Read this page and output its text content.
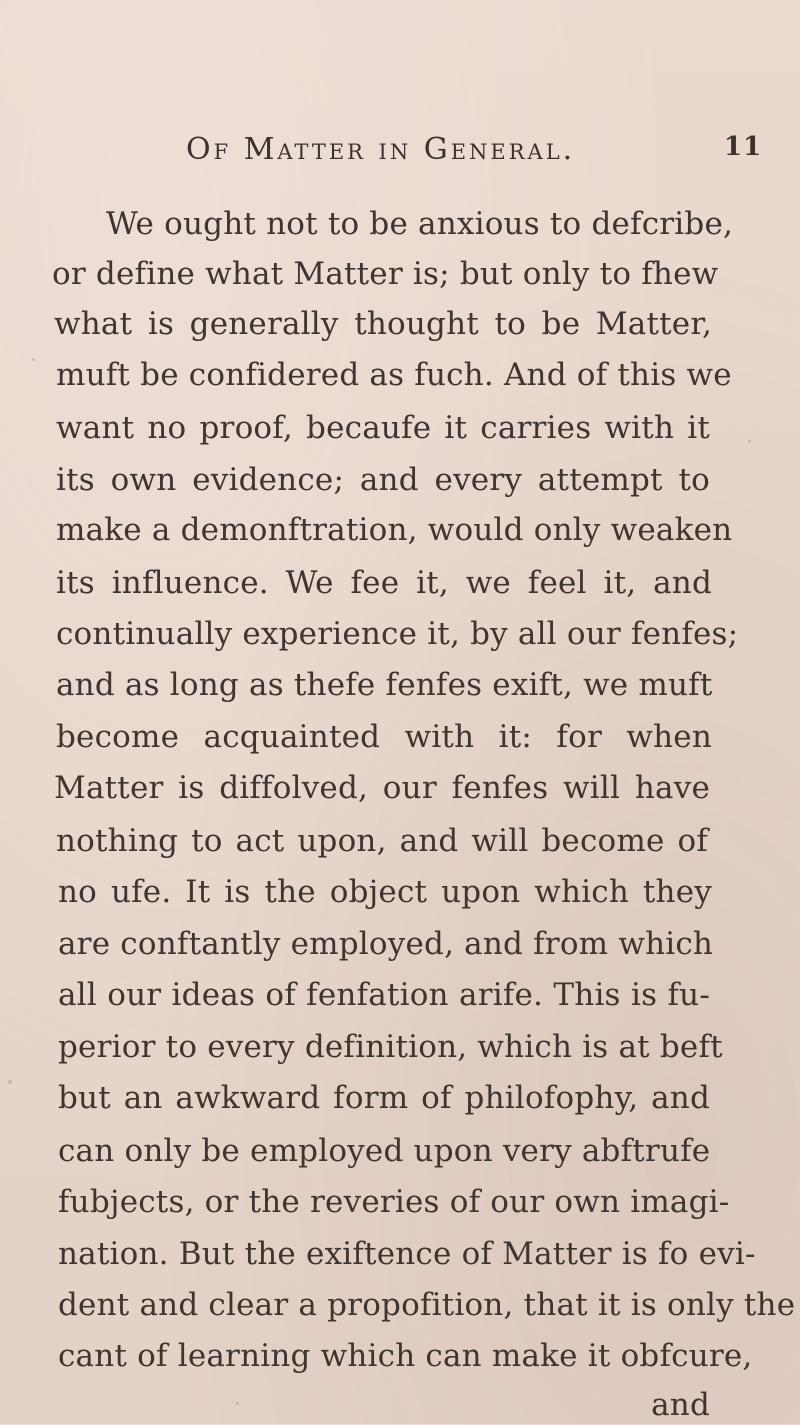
Of Matter in General.	11
We ought not to be anxious to defcribe,
or define what Matter is; but only to fhew
what is generally thought to be Matter,
muft be confidered as fuch. And of this we
want no proof, becaufe it carries with it
its own evidence; and every attempt to
make a demonftration, would only weaken
its influence. We fee it, we feel it, and
continually experience it, by all our fenfes;
and as long as thefe fenfes exift, we muft
become acquainted with it: for when
Matter is diffolved, our fenfes will have
nothing to act upon, and will become of
no ufe. It is the object upon which they
are conftantly employed, and from which
all our ideas of fenfation arife. This is fu-
perior to every definition, which is at beft
but an awkward form of philofophy, and
can only be employed upon very abftrufe
fubjects, or the reveries of our own imagi-
nation. But the exiftence of Matter is fo evi-
dent and clear a propofition, that it is only the
cant of learning which can make it obfcure,
and
